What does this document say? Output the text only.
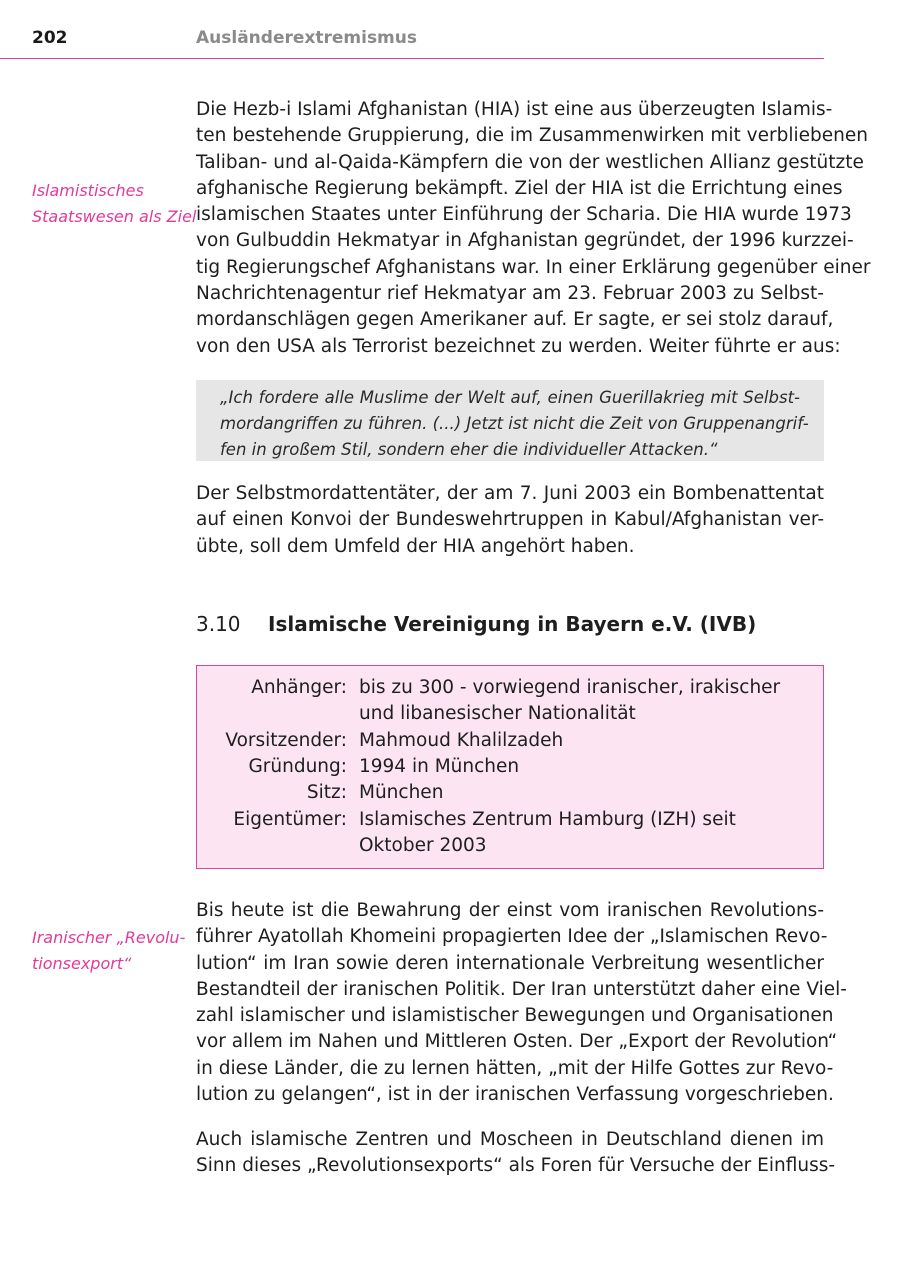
202	Ausländerextremismus

Islamistisches
Staatswesen als Ziel

Die Hezb-i Islami Afghanistan (HIA) ist eine aus überzeugten Islamis-
ten bestehende Gruppierung, die im Zusammenwirken mit verbliebenen
Taliban- und al-Qaida-Kämpfern die von der westlichen Allianz gestützte
afghanische Regierung bekämpft. Ziel der HIA ist die Errichtung eines
islamischen Staates unter Einführung der Scharia. Die HIA wurde 1973
von Gulbuddin Hekmatyar in Afghanistan gegründet, der 1996 kurzzei-
tig Regierungschef Afghanistans war. In einer Erklärung gegenüber einer
Nachrichtenagentur rief Hekmatyar am 23. Februar 2003 zu Selbst-
mordanschlägen gegen Amerikaner auf. Er sagte, er sei stolz darauf,
von den USA als Terrorist bezeichnet zu werden. Weiter führte er aus:

„Ich fordere alle Muslime der Welt auf, einen Guerillakrieg mit Selbst-
mordangriffen zu führen. (...) Jetzt ist nicht die Zeit von Gruppenangrif-
fen in großem Stil, sondern eher die individueller Attacken.“

Der Selbstmordattentäter, der am 7. Juni 2003 ein Bombenattentat
auf einen Konvoi der Bundeswehrtruppen in Kabul/Afghanistan ver-
übte, soll dem Umfeld der HIA angehört haben.

3.10 Islamische Vereinigung in Bayern e.V. (IVB)
Anhänger: bis zu 300 - vorwiegend iranischer, irakischer
und libanesischer Nationalität
Vorsitzender: Mahmoud Khalilzadeh
Gründung: 1994 in München
Sitz: München
Eigentümer: Islamisches Zentrum Hamburg (IZH) seit
Oktober 2003

Iranischer „Revolu-
tionsexport“

Bis heute ist die Bewahrung der einst vom iranischen Revolutions-
führer Ayatollah Khomeini propagierten Idee der „Islamischen Revo-
lution“ im Iran sowie deren internationale Verbreitung wesentlicher
Bestandteil der iranischen Politik. Der Iran unterstützt daher eine Viel-
zahl islamischer und islamistischer Bewegungen und Organisationen
vor allem im Nahen und Mittleren Osten. Der „Export der Revolution“
in diese Länder, die zu lernen hätten, „mit der Hilfe Gottes zur Revo-
lution zu gelangen“, ist in der iranischen Verfassung vorgeschrieben.

Auch islamische Zentren und Moscheen in Deutschland dienen im
Sinn dieses „Revolutionsexports“ als Foren für Versuche der Einfluss-
